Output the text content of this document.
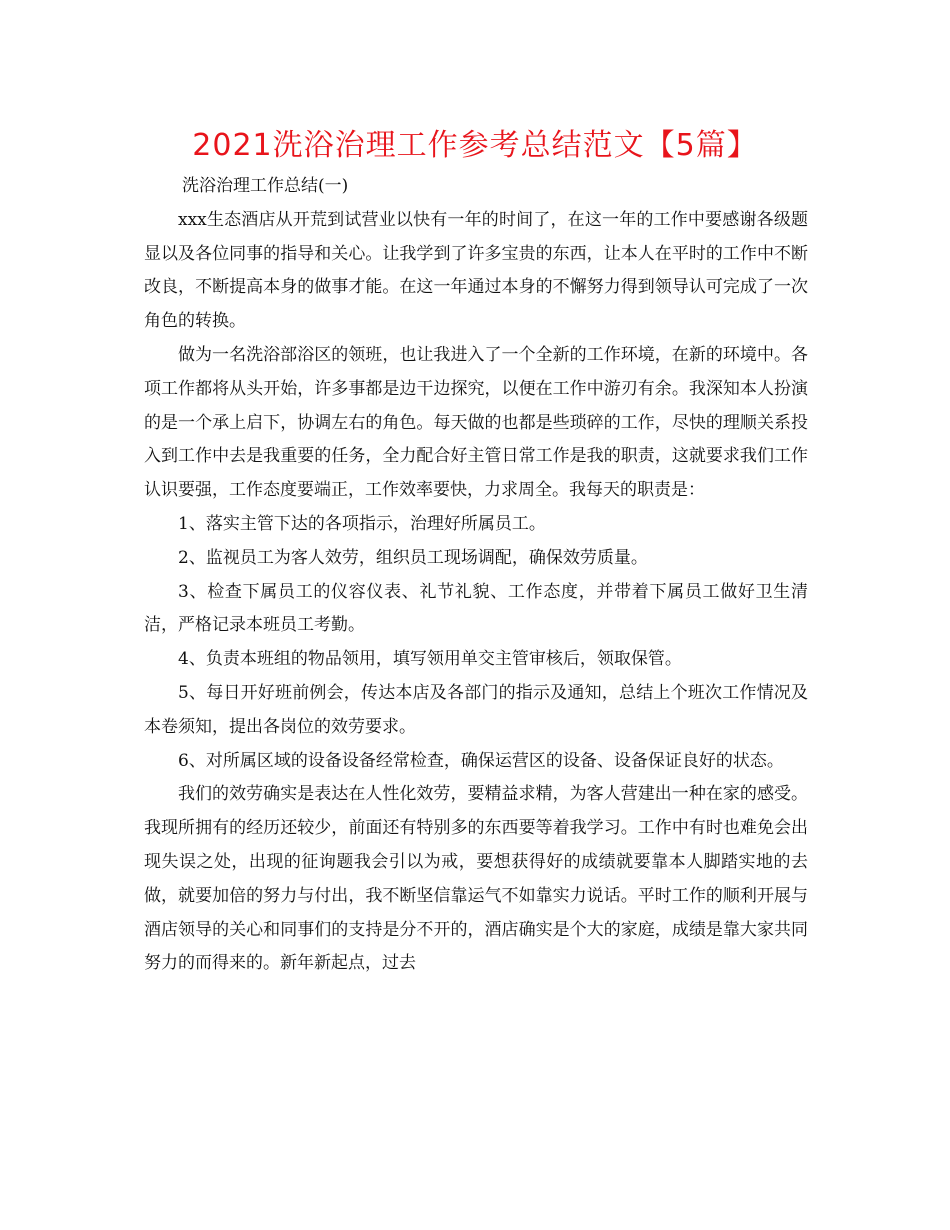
2021洗浴治理工作参考总结范文【5篇】

洗浴治理工作总结(一)

xxx生态酒店从开荒到试营业以快有一年的时间了，在这一年的工作中要感谢各级题显以及各位同事的指导和关心。让我学到了许多宝贵的东西，让本人在平时的工作中不断改良，不断提高本身的做事才能。在这一年通过本身的不懈努力得到领导认可完成了一次角色的转换。

做为一名洗浴部浴区的领班，也让我进入了一个全新的工作环境，在新的环境中。各项工作都将从头开始，许多事都是边干边探究，以便在工作中游刃有余。我深知本人扮演的是一个承上启下，协调左右的角色。每天做的也都是些琐碎的工作，尽快的理顺关系投入到工作中去是我重要的任务，全力配合好主管日常工作是我的职责，这就要求我们工作认识要强，工作态度要端正，工作效率要快，力求周全。我每天的职责是：

1、落实主管下达的各项指示，治理好所属员工。

2、监视员工为客人效劳，组织员工现场调配，确保效劳质量。

3、检查下属员工的仪容仪表、礼节礼貌、工作态度，并带着下属员工做好卫生清洁，严格记录本班员工考勤。

4、负责本班组的物品领用，填写领用单交主管审核后，领取保管。

5、每日开好班前例会，传达本店及各部门的指示及通知，总结上个班次工作情况及本卷须知，提出各岗位的效劳要求。

6、对所属区域的设备设备经常检查，确保运营区的设备、设备保证良好的状态。

我们的效劳确实是表达在人性化效劳，要精益求精，为客人营建出一种在家的感受。我现所拥有的经历还较少，前面还有特别多的东西要等着我学习。工作中有时也难免会出现失误之处，出现的征询题我会引以为戒，要想获得好的成绩就要靠本人脚踏实地的去做，就要加倍的努力与付出，我不断坚信靠运气不如靠实力说话。平时工作的顺利开展与酒店领导的关心和同事们的支持是分不开的，酒店确实是个大的家庭，成绩是靠大家共同努力的而得来的。新年新起点，过去
